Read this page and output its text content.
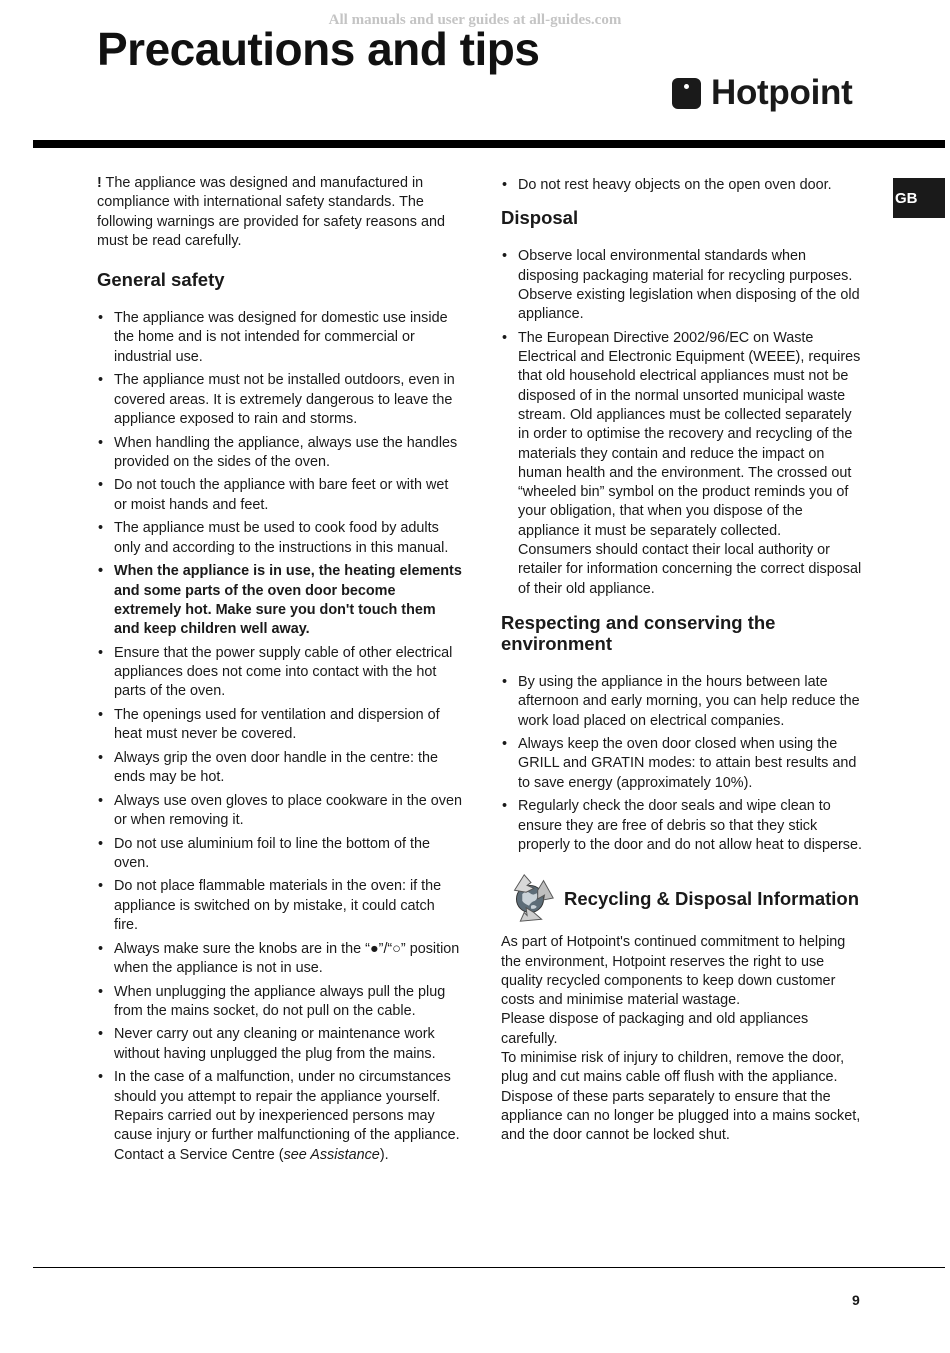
All manuals and user guides at all-guides.com
Precautions and tips
Hotpoint
GB

! The appliance was designed and manufactured in compliance with international safety standards. The following warnings are provided for safety reasons and must be read carefully.

General safety
• The appliance was designed for domestic use inside the home and is not intended for commercial or industrial use.
• The appliance must not be installed outdoors, even in covered areas. It is extremely dangerous to leave the appliance exposed to rain and storms.
• When handling the appliance, always use the handles provided on the sides of the oven.
• Do not touch the appliance with bare feet or with wet or moist hands and feet.
• The appliance must be used to cook food by adults only and according to the instructions in this manual.
• When the appliance is in use, the heating elements and some parts of the oven door become extremely hot. Make sure you don't touch them and keep children well away.
• Ensure that the power supply cable of other electrical appliances does not come into contact with the hot parts of the oven.
• The openings used for ventilation and dispersion of heat must never be covered.
• Always grip the oven door handle in the centre: the ends may be hot.
• Always use oven gloves to place cookware in the oven or when removing it.
• Do not use aluminium foil to line the bottom of the oven.
• Do not place flammable materials in the oven: if the appliance is switched on by mistake, it could catch fire.
• Always make sure the knobs are in the “●”/“○” position when the appliance is not in use.
• When unplugging the appliance always pull the plug from the mains socket, do not pull on the cable.
• Never carry out any cleaning or maintenance work without having unplugged the plug from the mains.
• In the case of a malfunction, under no circumstances should you attempt to repair the appliance yourself. Repairs carried out by inexperienced persons may cause injury or further malfunctioning of the appliance. Contact a Service Centre (see Assistance).
• Do not rest heavy objects on the open oven door.
Disposal
• Observe local environmental standards when disposing packaging material for recycling purposes. Observe existing legislation when disposing of the old appliance.
• The European Directive 2002/96/EC on Waste Electrical and Electronic Equipment (WEEE), requires that old household electrical appliances must not be disposed of in the normal unsorted municipal waste stream. Old appliances must be collected separately in order to optimise the recovery and recycling of the materials they contain and reduce the impact on human health and the environment. The crossed out “wheeled bin” symbol on the product reminds you of your obligation, that when you dispose of the appliance it must be separately collected.
Consumers should contact their local authority or retailer for information concerning the correct disposal of their old appliance.
Respecting and conserving the environment
• By using the appliance in the hours between late afternoon and early morning, you can help reduce the work load placed on electrical companies.
• Always keep the oven door closed when using the GRILL and GRATIN modes: to attain best results and to save energy (approximately 10%).
• Regularly check the door seals and wipe clean to ensure they are free of debris so that they stick properly to the door and do not allow heat to disperse.
Recycling & Disposal Information

As part of Hotpoint's continued commitment to helping the environment, Hotpoint reserves the right to use quality recycled components to keep down customer costs and minimise material wastage.

Please dispose of packaging and old appliances carefully.

To minimise risk of injury to children, remove the door, plug and cut mains cable off flush with the appliance. Dispose of these parts separately to ensure that the appliance can no longer be plugged into a mains socket, and the door cannot be locked shut.

9
